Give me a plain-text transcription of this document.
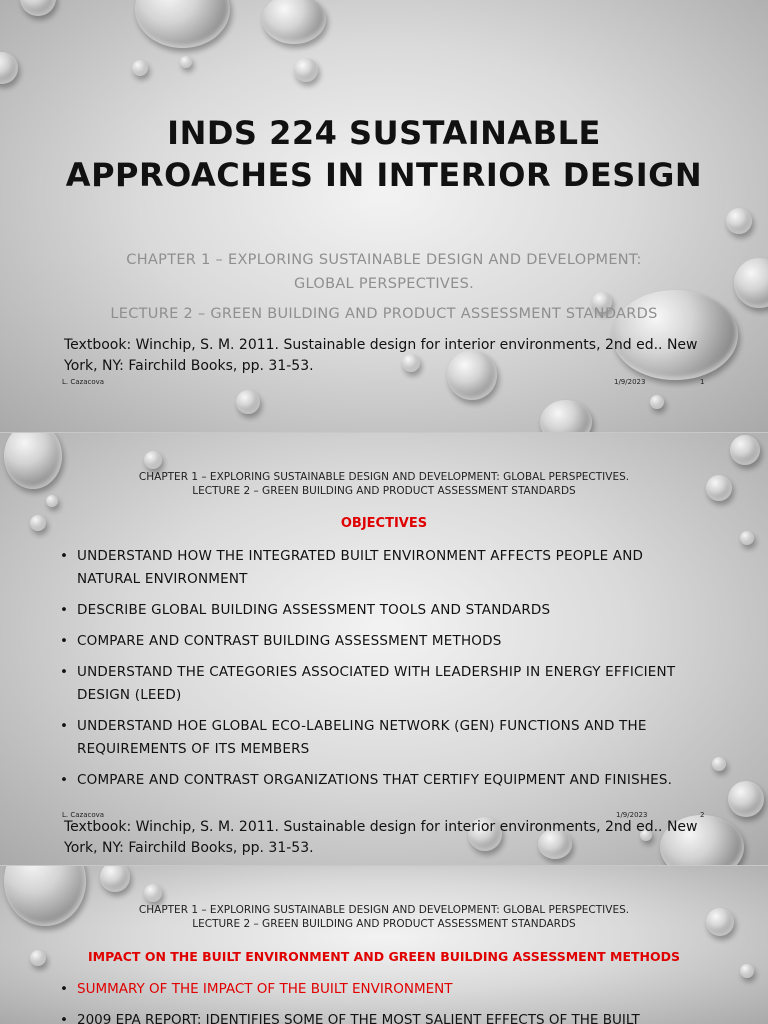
INDS 224 SUSTAINABLE APPROACHES IN INTERIOR DESIGN

CHAPTER 1 – EXPLORING SUSTAINABLE DESIGN AND DEVELOPMENT:

GLOBAL PERSPECTIVES.

LECTURE 2 – GREEN BUILDING AND PRODUCT ASSESSMENT STANDARDS

Textbook: Winchip, S. M. 2011. Sustainable design for interior environments, 2nd ed.. New York, NY: Fairchild Books, pp. 31-53.

L. Cazacova	1/9/2023	1

CHAPTER 1 – EXPLORING SUSTAINABLE DESIGN AND DEVELOPMENT: GLOBAL PERSPECTIVES.

LECTURE 2 – GREEN BUILDING AND PRODUCT ASSESSMENT STANDARDS

OBJECTIVES

• UNDERSTAND HOW THE INTEGRATED BUILT ENVIRONMENT AFFECTS PEOPLE AND NATURAL ENVIRONMENT
• DESCRIBE GLOBAL BUILDING ASSESSMENT TOOLS AND STANDARDS
• COMPARE AND CONTRAST BUILDING ASSESSMENT METHODS
• UNDERSTAND THE CATEGORIES ASSOCIATED WITH LEADERSHIP IN ENERGY EFFICIENT DESIGN (LEED)
• UNDERSTAND HOE GLOBAL ECO-LABELING NETWORK (GEN) FUNCTIONS AND THE REQUIREMENTS OF ITS MEMBERS
• COMPARE AND CONTRAST ORGANIZATIONS THAT CERTIFY EQUIPMENT AND FINISHES.
L. Cazacova	1/9/2023	2

Textbook: Winchip, S. M. 2011. Sustainable design for interior environments, 2nd ed.. New York, NY: Fairchild Books, pp. 31-53.

CHAPTER 1 – EXPLORING SUSTAINABLE DESIGN AND DEVELOPMENT: GLOBAL PERSPECTIVES.

LECTURE 2 – GREEN BUILDING AND PRODUCT ASSESSMENT STANDARDS

IMPACT ON THE BUILT ENVIRONMENT AND GREEN BUILDING ASSESSMENT METHODS

• SUMMARY OF THE IMPACT OF THE BUILT ENVIRONMENT
• 2009 EPA REPORT: IDENTIFIES SOME OF THE MOST SALIENT EFFECTS OF THE BUILT
